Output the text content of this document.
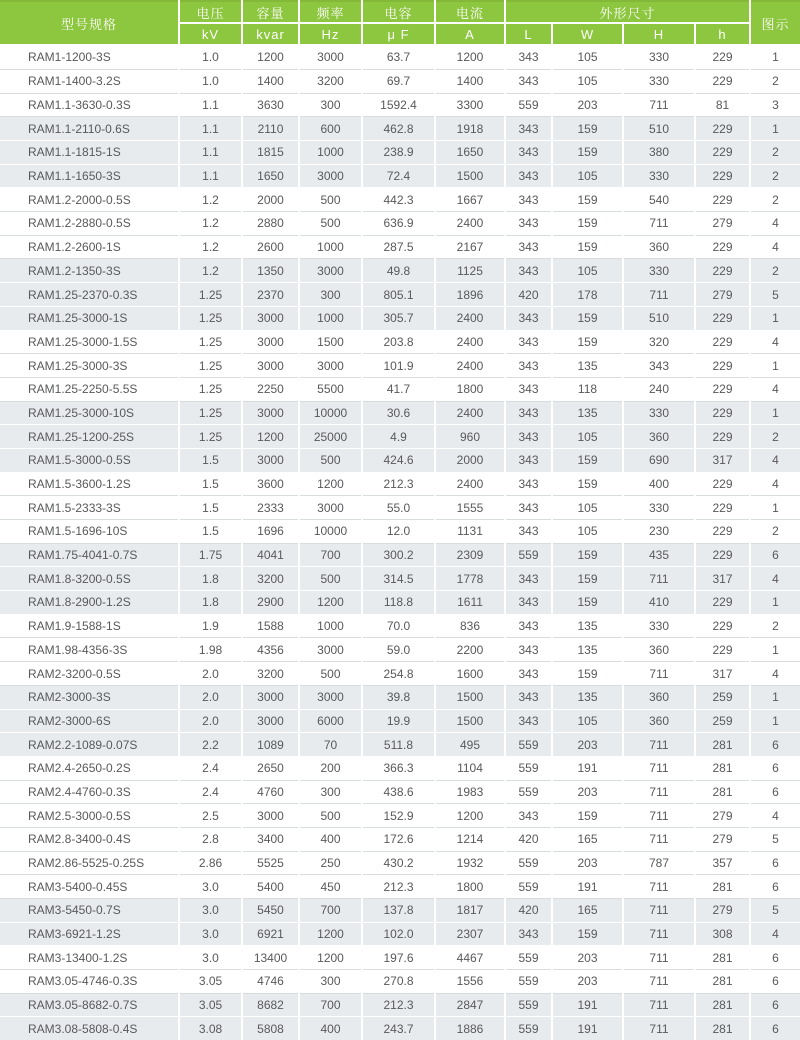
型号规格	电压	容量	频率	电容	电流	外形尺寸				图示
	kV	kvar	Hz	μ F	A	L	W	H	h	
RAM1-1200-3S	1.0	1200	3000	63.7	1200	343	105	330	229	1
RAM1-1400-3.2S	1.0	1400	3200	69.7	1400	343	105	330	229	2
RAM1.1-3630-0.3S	1.1	3630	300	1592.4	3300	559	203	711	81	3
RAM1.1-2110-0.6S	1.1	2110	600	462.8	1918	343	159	510	229	1
RAM1.1-1815-1S	1.1	1815	1000	238.9	1650	343	159	380	229	2
RAM1.1-1650-3S	1.1	1650	3000	72.4	1500	343	105	330	229	2
RAM1.2-2000-0.5S	1.2	2000	500	442.3	1667	343	159	540	229	2
RAM1.2-2880-0.5S	1.2	2880	500	636.9	2400	343	159	711	279	4
RAM1.2-2600-1S	1.2	2600	1000	287.5	2167	343	159	360	229	4
RAM1.2-1350-3S	1.2	1350	3000	49.8	1125	343	105	330	229	2
RAM1.25-2370-0.3S	1.25	2370	300	805.1	1896	420	178	711	279	5
RAM1.25-3000-1S	1.25	3000	1000	305.7	2400	343	159	510	229	1
RAM1.25-3000-1.5S	1.25	3000	1500	203.8	2400	343	159	320	229	4
RAM1.25-3000-3S	1.25	3000	3000	101.9	2400	343	135	343	229	1
RAM1.25-2250-5.5S	1.25	2250	5500	41.7	1800	343	118	240	229	4
RAM1.25-3000-10S	1.25	3000	10000	30.6	2400	343	135	330	229	1
RAM1.25-1200-25S	1.25	1200	25000	4.9	960	343	105	360	229	2
RAM1.5-3000-0.5S	1.5	3000	500	424.6	2000	343	159	690	317	4
RAM1.5-3600-1.2S	1.5	3600	1200	212.3	2400	343	159	400	229	4
RAM1.5-2333-3S	1.5	2333	3000	55.0	1555	343	105	330	229	1
RAM1.5-1696-10S	1.5	1696	10000	12.0	1131	343	105	230	229	2
RAM1.75-4041-0.7S	1.75	4041	700	300.2	2309	559	159	435	229	6
RAM1.8-3200-0.5S	1.8	3200	500	314.5	1778	343	159	711	317	4
RAM1.8-2900-1.2S	1.8	2900	1200	118.8	1611	343	159	410	229	1
RAM1.9-1588-1S	1.9	1588	1000	70.0	836	343	135	330	229	2
RAM1.98-4356-3S	1.98	4356	3000	59.0	2200	343	135	360	229	1
RAM2-3200-0.5S	2.0	3200	500	254.8	1600	343	159	711	317	4
RAM2-3000-3S	2.0	3000	3000	39.8	1500	343	135	360	259	1
RAM2-3000-6S	2.0	3000	6000	19.9	1500	343	105	360	259	1
RAM2.2-1089-0.07S	2.2	1089	70	511.8	495	559	203	711	281	6
RAM2.4-2650-0.2S	2.4	2650	200	366.3	1104	559	191	711	281	6
RAM2.4-4760-0.3S	2.4	4760	300	438.6	1983	559	203	711	281	6
RAM2.5-3000-0.5S	2.5	3000	500	152.9	1200	343	159	711	279	4
RAM2.8-3400-0.4S	2.8	3400	400	172.6	1214	420	165	711	279	5
RAM2.86-5525-0.25S	2.86	5525	250	430.2	1932	559	203	787	357	6
RAM3-5400-0.45S	3.0	5400	450	212.3	1800	559	191	711	281	6
RAM3-5450-0.7S	3.0	5450	700	137.8	1817	420	165	711	279	5
RAM3-6921-1.2S	3.0	6921	1200	102.0	2307	343	159	711	308	4
RAM3-13400-1.2S	3.0	13400	1200	197.6	4467	559	203	711	281	6
RAM3.05-4746-0.3S	3.05	4746	300	270.8	1556	559	203	711	281	6
RAM3.05-8682-0.7S	3.05	8682	700	212.3	2847	559	191	711	281	6
RAM3.08-5808-0.4S	3.08	5808	400	243.7	1886	559	191	711	281	6
